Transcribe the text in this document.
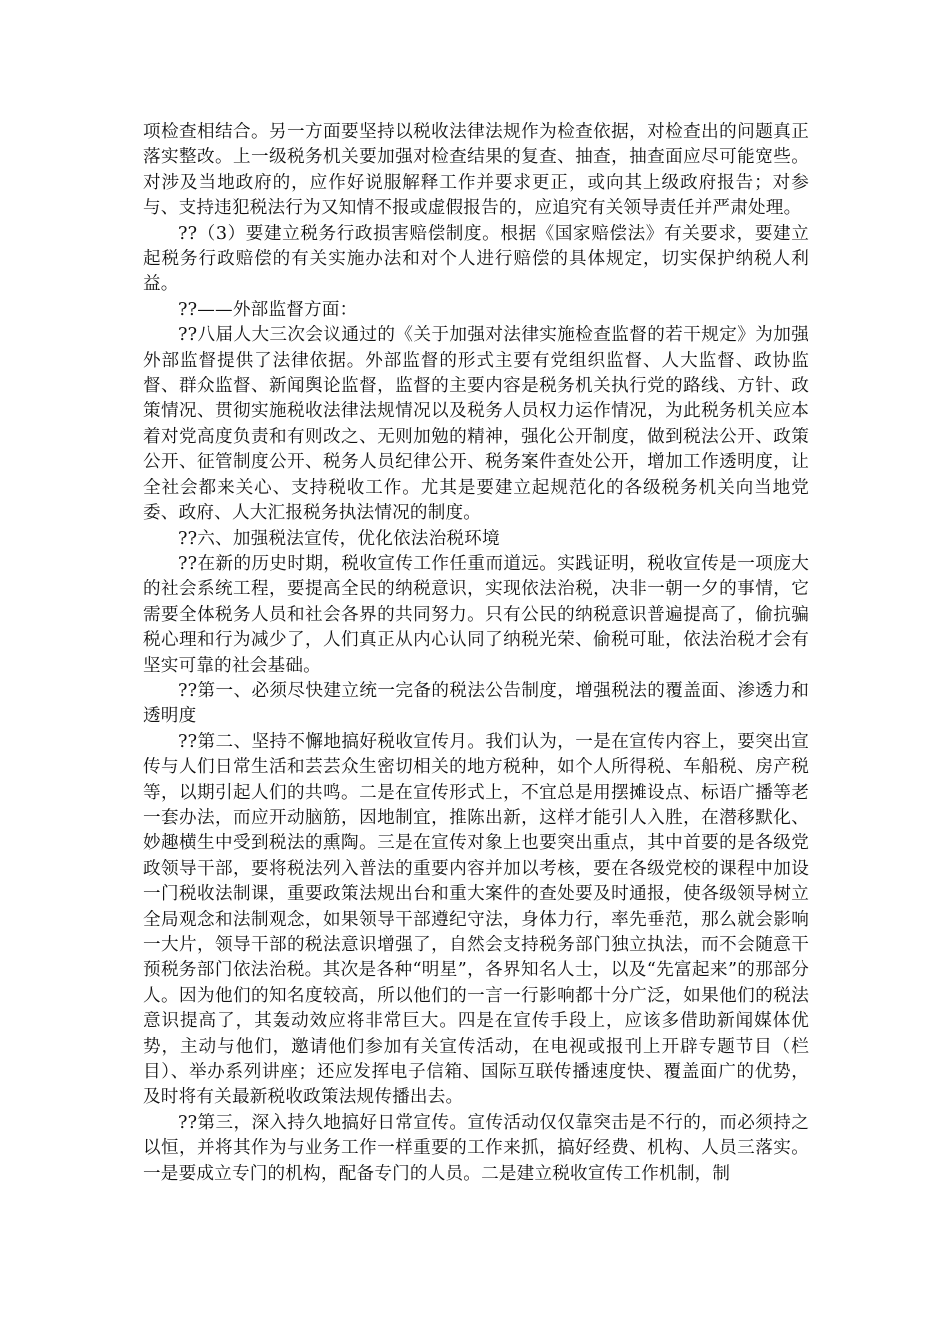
项检查相结合。另一方面要坚持以税收法律法规作为检查依据，对检查出的问题真正落实整改。上一级税务机关要加强对检查结果的复查、抽查，抽查面应尽可能宽些。对涉及当地政府的，应作好说服解释工作并要求更正，或向其上级政府报告；对参与、支持违犯税法行为又知情不报或虚假报告的，应追究有关领导责任并严肃处理。

??（3）要建立税务行政损害赔偿制度。根据《国家赔偿法》有关要求，要建立起税务行政赔偿的有关实施办法和对个人进行赔偿的具体规定，切实保护纳税人利益。

??——外部监督方面：

??八届人大三次会议通过的《关于加强对法律实施检查监督的若干规定》为加强外部监督提供了法律依据。外部监督的形式主要有党组织监督、人大监督、政协监督、群众监督、新闻舆论监督，监督的主要内容是税务机关执行党的路线、方针、政策情况、贯彻实施税收法律法规情况以及税务人员权力运作情况，为此税务机关应本着对党高度负责和有则改之、无则加勉的精神，强化公开制度，做到税法公开、政策公开、征管制度公开、税务人员纪律公开、税务案件查处公开，增加工作透明度，让全社会都来关心、支持税收工作。尤其是要建立起规范化的各级税务机关向当地党委、政府、人大汇报税务执法情况的制度。

??六、加强税法宣传，优化依法治税环境

??在新的历史时期，税收宣传工作任重而道远。实践证明，税收宣传是一项庞大的社会系统工程，要提高全民的纳税意识，实现依法治税，决非一朝一夕的事情，它需要全体税务人员和社会各界的共同努力。只有公民的纳税意识普遍提高了，偷抗骗税心理和行为减少了，人们真正从内心认同了纳税光荣、偷税可耻，依法治税才会有坚实可靠的社会基础。

??第一、必须尽快建立统一完备的税法公告制度，增强税法的覆盖面、渗透力和透明度

??第二、坚持不懈地搞好税收宣传月。我们认为，一是在宣传内容上，要突出宣传与人们日常生活和芸芸众生密切相关的地方税种，如个人所得税、车船税、房产税等，以期引起人们的共鸣。二是在宣传形式上，不宜总是用摆摊设点、标语广播等老一套办法，而应开动脑筋，因地制宜，推陈出新，这样才能引人入胜，在潜移默化、妙趣横生中受到税法的熏陶。三是在宣传对象上也要突出重点，其中首要的是各级党政领导干部，要将税法列入普法的重要内容并加以考核，要在各级党校的课程中加设一门税收法制课，重要政策法规出台和重大案件的查处要及时通报，使各级领导树立全局观念和法制观念，如果领导干部遵纪守法，身体力行，率先垂范，那么就会影响一大片，领导干部的税法意识增强了，自然会支持税务部门独立执法，而不会随意干预税务部门依法治税。其次是各种“明星”，各界知名人士，以及“先富起来”的那部分人。因为他们的知名度较高，所以他们的一言一行影响都十分广泛，如果他们的税法意识提高了，其轰动效应将非常巨大。四是在宣传手段上，应该多借助新闻媒体优势，主动与他们，邀请他们参加有关宣传活动，在电视或报刊上开辟专题节目（栏目）、举办系列讲座；还应发挥电子信箱、国际互联传播速度快、覆盖面广的优势，及时将有关最新税收政策法规传播出去。

??第三，深入持久地搞好日常宣传。宣传活动仅仅靠突击是不行的，而必须持之以恒，并将其作为与业务工作一样重要的工作来抓，搞好经费、机构、人员三落实。一是要成立专门的机构，配备专门的人员。二是建立税收宣传工作机制，制
